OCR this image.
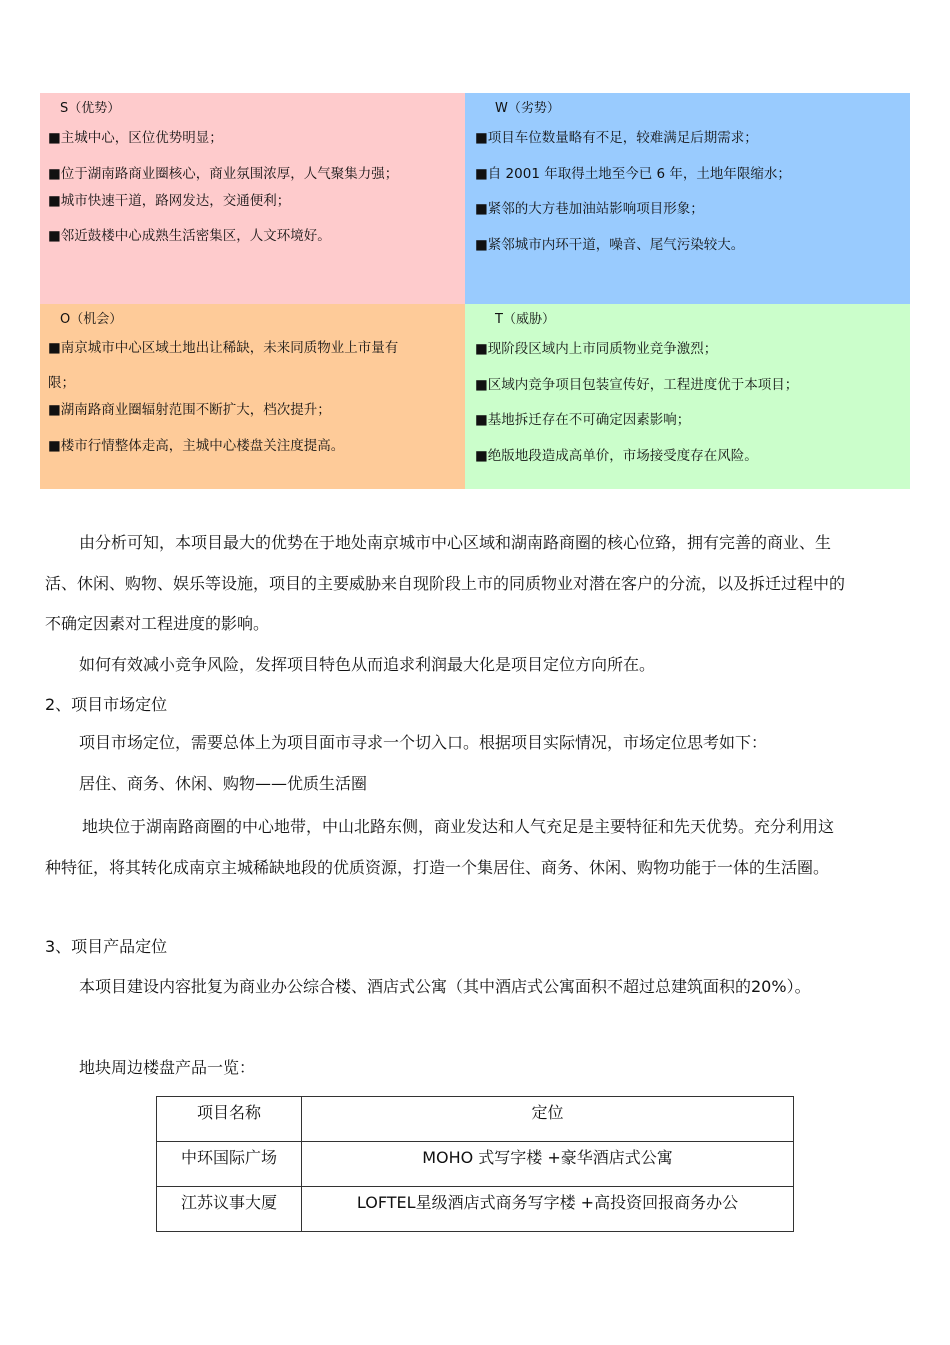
S（优势）
■主城中心，区位优势明显；
■位于湖南路商业圈核心，商业氛围浓厚，人气聚集力强；
■城市快速干道，路网发达，交通便利；
■邻近鼓楼中心成熟生活密集区，人文环境好。
W（劣势）
■项目车位数量略有不足，较难满足后期需求；
■自 2001 年取得土地至今已 6 年，土地年限缩水；
■紧邻的大方巷加油站影响项目形象；
■紧邻城市内环干道，噪音、尾气污染较大。
O（机会）
■南京城市中心区域土地出让稀缺，未来同质物业上市量有限；
■湖南路商业圈辐射范围不断扩大，档次提升；
■楼市行情整体走高，主城中心楼盘关注度提高。
T（威胁）
■现阶段区域内上市同质物业竞争激烈；
■区域内竞争项目包装宣传好，工程进度优于本项目；
■基地拆迁存在不可确定因素影响；
■绝版地段造成高单价，市场接受度存在风险。

由分析可知，本项目最大的优势在于地处南京城市中心区域和湖南路商圈的核心位臵，拥有完善的商业、生活、休闲、购物、娱乐等设施，项目的主要威胁来自现阶段上市的同质物业对潜在客户的分流，以及拆迁过程中的不确定因素对工程进度的影响。

如何有效减小竞争风险，发挥项目特色从而追求利润最大化是项目定位方向所在。

2、项目市场定位

项目市场定位，需要总体上为项目面市寻求一个切入口。根据项目实际情况，市场定位思考如下：

居住、商务、休闲、购物——优质生活圈

地块位于湖南路商圈的中心地带，中山北路东侧，商业发达和人气充足是主要特征和先天优势。充分利用这种特征，将其转化成南京主城稀缺地段的优质资源，打造一个集居住、商务、休闲、购物功能于一体的生活圈。

3、项目产品定位

本项目建设内容批复为商业办公综合楼、酒店式公寓（其中酒店式公寓面积不超过总建筑面积的20%）。

地块周边楼盘产品一览：

项目名称	定位
中环国际广场	MOHO 式写字楼 +豪华酒店式公寓
江苏议事大厦	LOFTEL星级酒店式商务写字楼 +高投资回报商务办公
